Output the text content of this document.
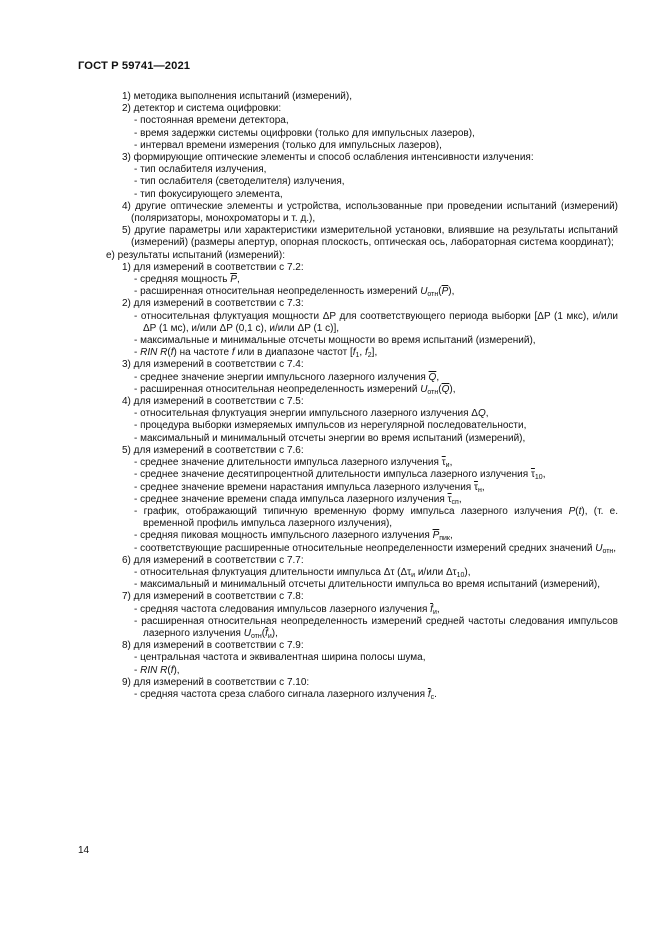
ГОСТ Р 59741—2021
1) методика выполнения испытаний (измерений),
2) детектор и система оцифровки:
- постоянная времени детектора,
- время задержки системы оцифровки (только для импульсных лазеров),
- интервал времени измерения (только для импульсных лазеров),
3) формирующие оптические элементы и способ ослабления интенсивности излучения:
- тип ослабителя излучения,
- тип ослабителя (светоделителя) излучения,
- тип фокусирующего элемента,
4) другие оптические элементы и устройства, использованные при проведении испытаний (измерений) (поляризаторы, монохроматоры и т. д.),
5) другие параметры или характеристики измерительной установки, влиявшие на результаты испытаний (измерений) (размеры апертур, опорная плоскость, оптическая ось, лабораторная система координат);
е) результаты испытаний (измерений):
1) для измерений в соответствии с 7.2:
- средняя мощность $\overline{P}$,
- расширенная относительная неопределенность измерений $U_{отн}(\overline{P})$,
2) для измерений в соответствии с 7.3:
- относительная флуктуация мощности ΔP для соответствующего периода выборки [ΔP (1 мкс), и/или ΔP (1 мс), и/или ΔP (0,1 с), и/или ΔP (1 с)],
- максимальные и минимальные отсчеты мощности во время испытаний (измерений),
- RIN R(f) на частоте f или в диапазоне частот [$f_1$, $f_2$],
3) для измерений в соответствии с 7.4:
- среднее значение энергии импульсного лазерного излучения $\overline{Q}$,
- расширенная относительная неопределенность измерений $U_{отн}(\overline{Q})$,
4) для измерений в соответствии с 7.5:
- относительная флуктуация энергии импульсного лазерного излучения ΔQ,
- процедура выборки измеряемых импульсов из нерегулярной последовательности,
- максимальный и минимальный отсчеты энергии во время испытаний (измерений),
5) для измерений в соответствии с 7.6:
- среднее значение длительности импульса лазерного излучения $\overline{\tau}_и$,
- среднее значение десятипроцентной длительности импульса лазерного излучения $\overline{\tau}_{10}$,
- среднее значение времени нарастания импульса лазерного излучения $\overline{\tau}_н$,
- среднее значение времени спада импульса лазерного излучения $\overline{\tau}_{сп}$,
- график, отображающий типичную временную форму импульса лазерного излучения P(t), (т. е. временной профиль импульса лазерного излучения),
- средняя пиковая мощность импульсного лазерного излучения $\overline{P}_{пик}$,
- соответствующие расширенные относительные неопределенности измерений средних значений $U_{отн}$,
6) для измерений в соответствии с 7.7:
- относительная флуктуация длительности импульса Δτ ($\Delta\tau_и$ и/или $\Delta\tau_{10}$),
- максимальный и минимальный отсчеты длительности импульса во время испытаний (измерений),
7) для измерений в соответствии с 7.8:
- средняя частота следования импульсов лазерного излучения $\overline{f}_и$,
- расширенная относительная неопределенность измерений средней частоты следования импульсов лазерного излучения $U_{отн}(\overline{f}_и)$,
8) для измерений в соответствии с 7.9:
- центральная частота и эквивалентная ширина полосы шума,
- RIN R(f),
9) для измерений в соответствии с 7.10:
- средняя частота среза слабого сигнала лазерного излучения $\overline{f}_c$.
14
